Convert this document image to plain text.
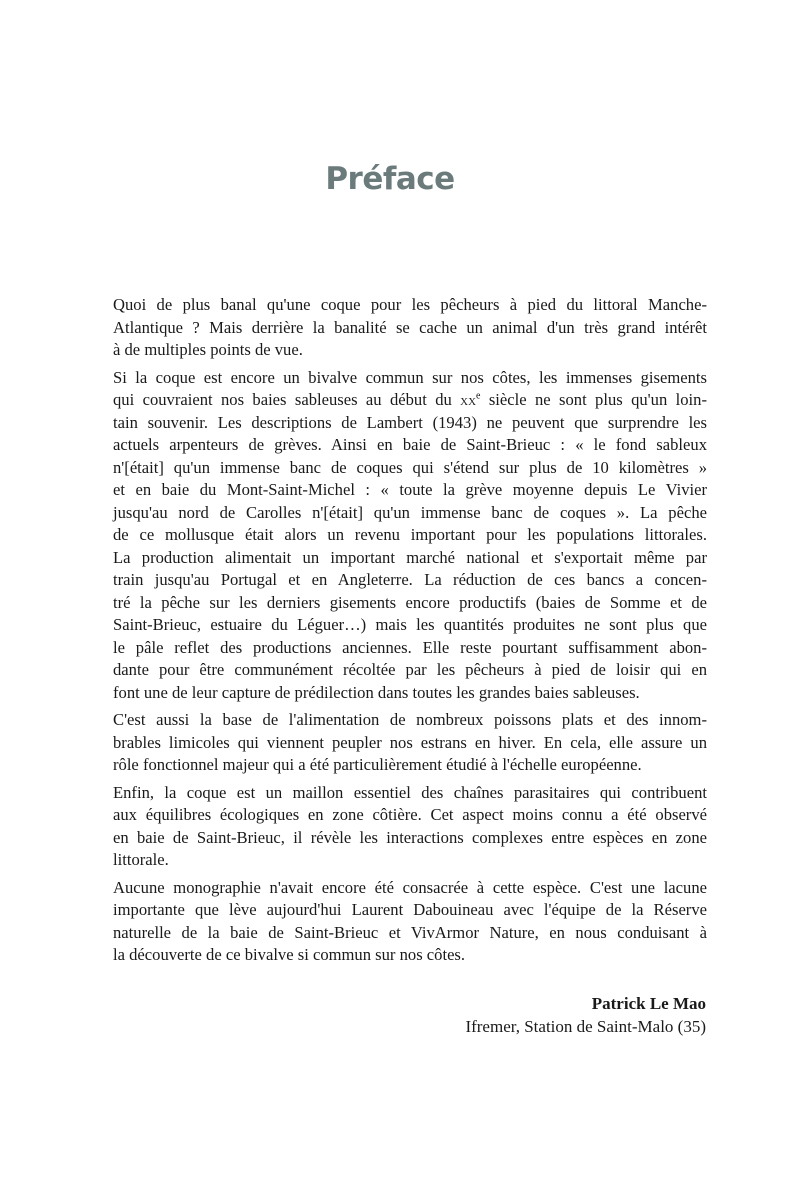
Préface
Quoi de plus banal qu'une coque pour les pêcheurs à pied du littoral Manche-
Atlantique ? Mais derrière la banalité se cache un animal d'un très grand intérêt
à de multiples points de vue.
Si la coque est encore un bivalve commun sur nos côtes, les immenses gisements
qui couvraient nos baies sableuses au début du $xx^e$ siècle ne sont plus qu'un loin-
tain souvenir. Les descriptions de Lambert (1943) ne peuvent que surprendre les
actuels arpenteurs de grèves. Ainsi en baie de Saint-Brieuc : « le fond sableux
n'[était] qu'un immense banc de coques qui s'étend sur plus de 10 kilomètres »
et en baie du Mont-Saint-Michel : « toute la grève moyenne depuis Le Vivier
jusqu'au nord de Carolles n'[était] qu'un immense banc de coques ». La pêche
de ce mollusque était alors un revenu important pour les populations littorales.
La production alimentait un important marché national et s'exportait même par
train jusqu'au Portugal et en Angleterre. La réduction de ces bancs a concen-
tré la pêche sur les derniers gisements encore productifs (baies de Somme et de
Saint-Brieuc, estuaire du Léguer…) mais les quantités produites ne sont plus que
le pâle reflet des productions anciennes. Elle reste pourtant suffisamment abon-
dante pour être communément récoltée par les pêcheurs à pied de loisir qui en
font une de leur capture de prédilection dans toutes les grandes baies sableuses.
C'est aussi la base de l'alimentation de nombreux poissons plats et des innom-
brables limicoles qui viennent peupler nos estrans en hiver. En cela, elle assure un
rôle fonctionnel majeur qui a été particulièrement étudié à l'échelle européenne.
Enfin, la coque est un maillon essentiel des chaînes parasitaires qui contribuent
aux équilibres écologiques en zone côtière. Cet aspect moins connu a été observé
en baie de Saint-Brieuc, il révèle les interactions complexes entre espèces en zone
littorale.
Aucune monographie n'avait encore été consacrée à cette espèce. C'est une lacune
importante que lève aujourd'hui Laurent Dabouineau avec l'équipe de la Réserve
naturelle de la baie de Saint-Brieuc et VivArmor Nature, en nous conduisant à
la découverte de ce bivalve si commun sur nos côtes.
Patrick Le Mao
Ifremer, Station de Saint-Malo (35)
